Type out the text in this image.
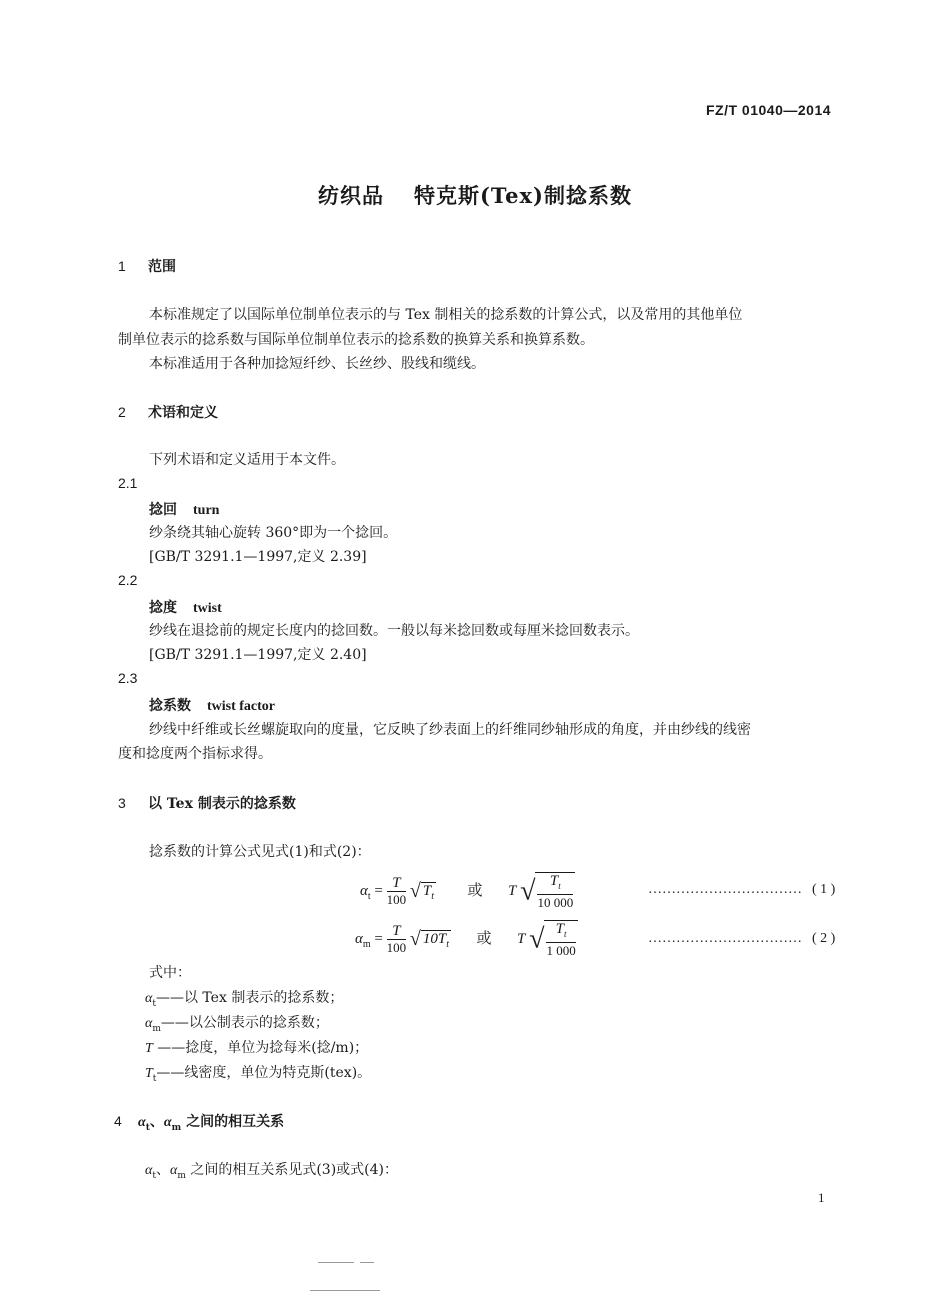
FZ/T 01040—2014
纺织品 特克斯(Tex)制捻系数
1 范围
本标准规定了以国际单位制单位表示的与 Tex 制相关的捻系数的计算公式，以及常用的其他单位
制单位表示的捻系数与国际单位制单位表示的捻系数的换算关系和换算系数。
本标准适用于各种加捻短纤纱、长丝纱、股线和缆线。
2 术语和定义
下列术语和定义适用于本文件。
2.1
捻回 turn
纱条绕其轴心旋转 360°即为一个捻回。
[GB/T 3291.1—1997,定义 2.39]
2.2
捻度 twist
纱线在退捻前的规定长度内的捻回数。一般以每米捻回数或每厘米捻回数表示。
[GB/T 3291.1—1997,定义 2.40]
2.3
捻系数 twist factor
纱线中纤维或长丝螺旋取向的度量，它反映了纱表面上的纤维同纱轴形成的角度，并由纱线的线密
度和捻度两个指标求得。
3 以 Tex 制表示的捻系数
捻系数的计算公式见式(1)和式(2)：
$\alpha_t = \frac{T}{100}$ √ $T_t$ 或 T √ $\frac{T_t}{10 000}$	…………………………… ( 1 )
$\alpha_m = \frac{T}{100}$ √ $10T_t$ 或 T √ $\frac{T_t}{1 000}$	…………………………… ( 2 )
式中：
$\alpha_t——$以 Tex 制表示的捻系数；
$\alpha_m——$以公制表示的捻系数；
T ——捻度，单位为捻每米(捻/m)；
$T_t——$线密度，单位为特克斯(tex)。
4 $\alpha_t$、$\alpha_m$ 之间的相互关系
$\alpha_t$、$\alpha_m$ 之间的相互关系见式(3)或式(4)：
1
